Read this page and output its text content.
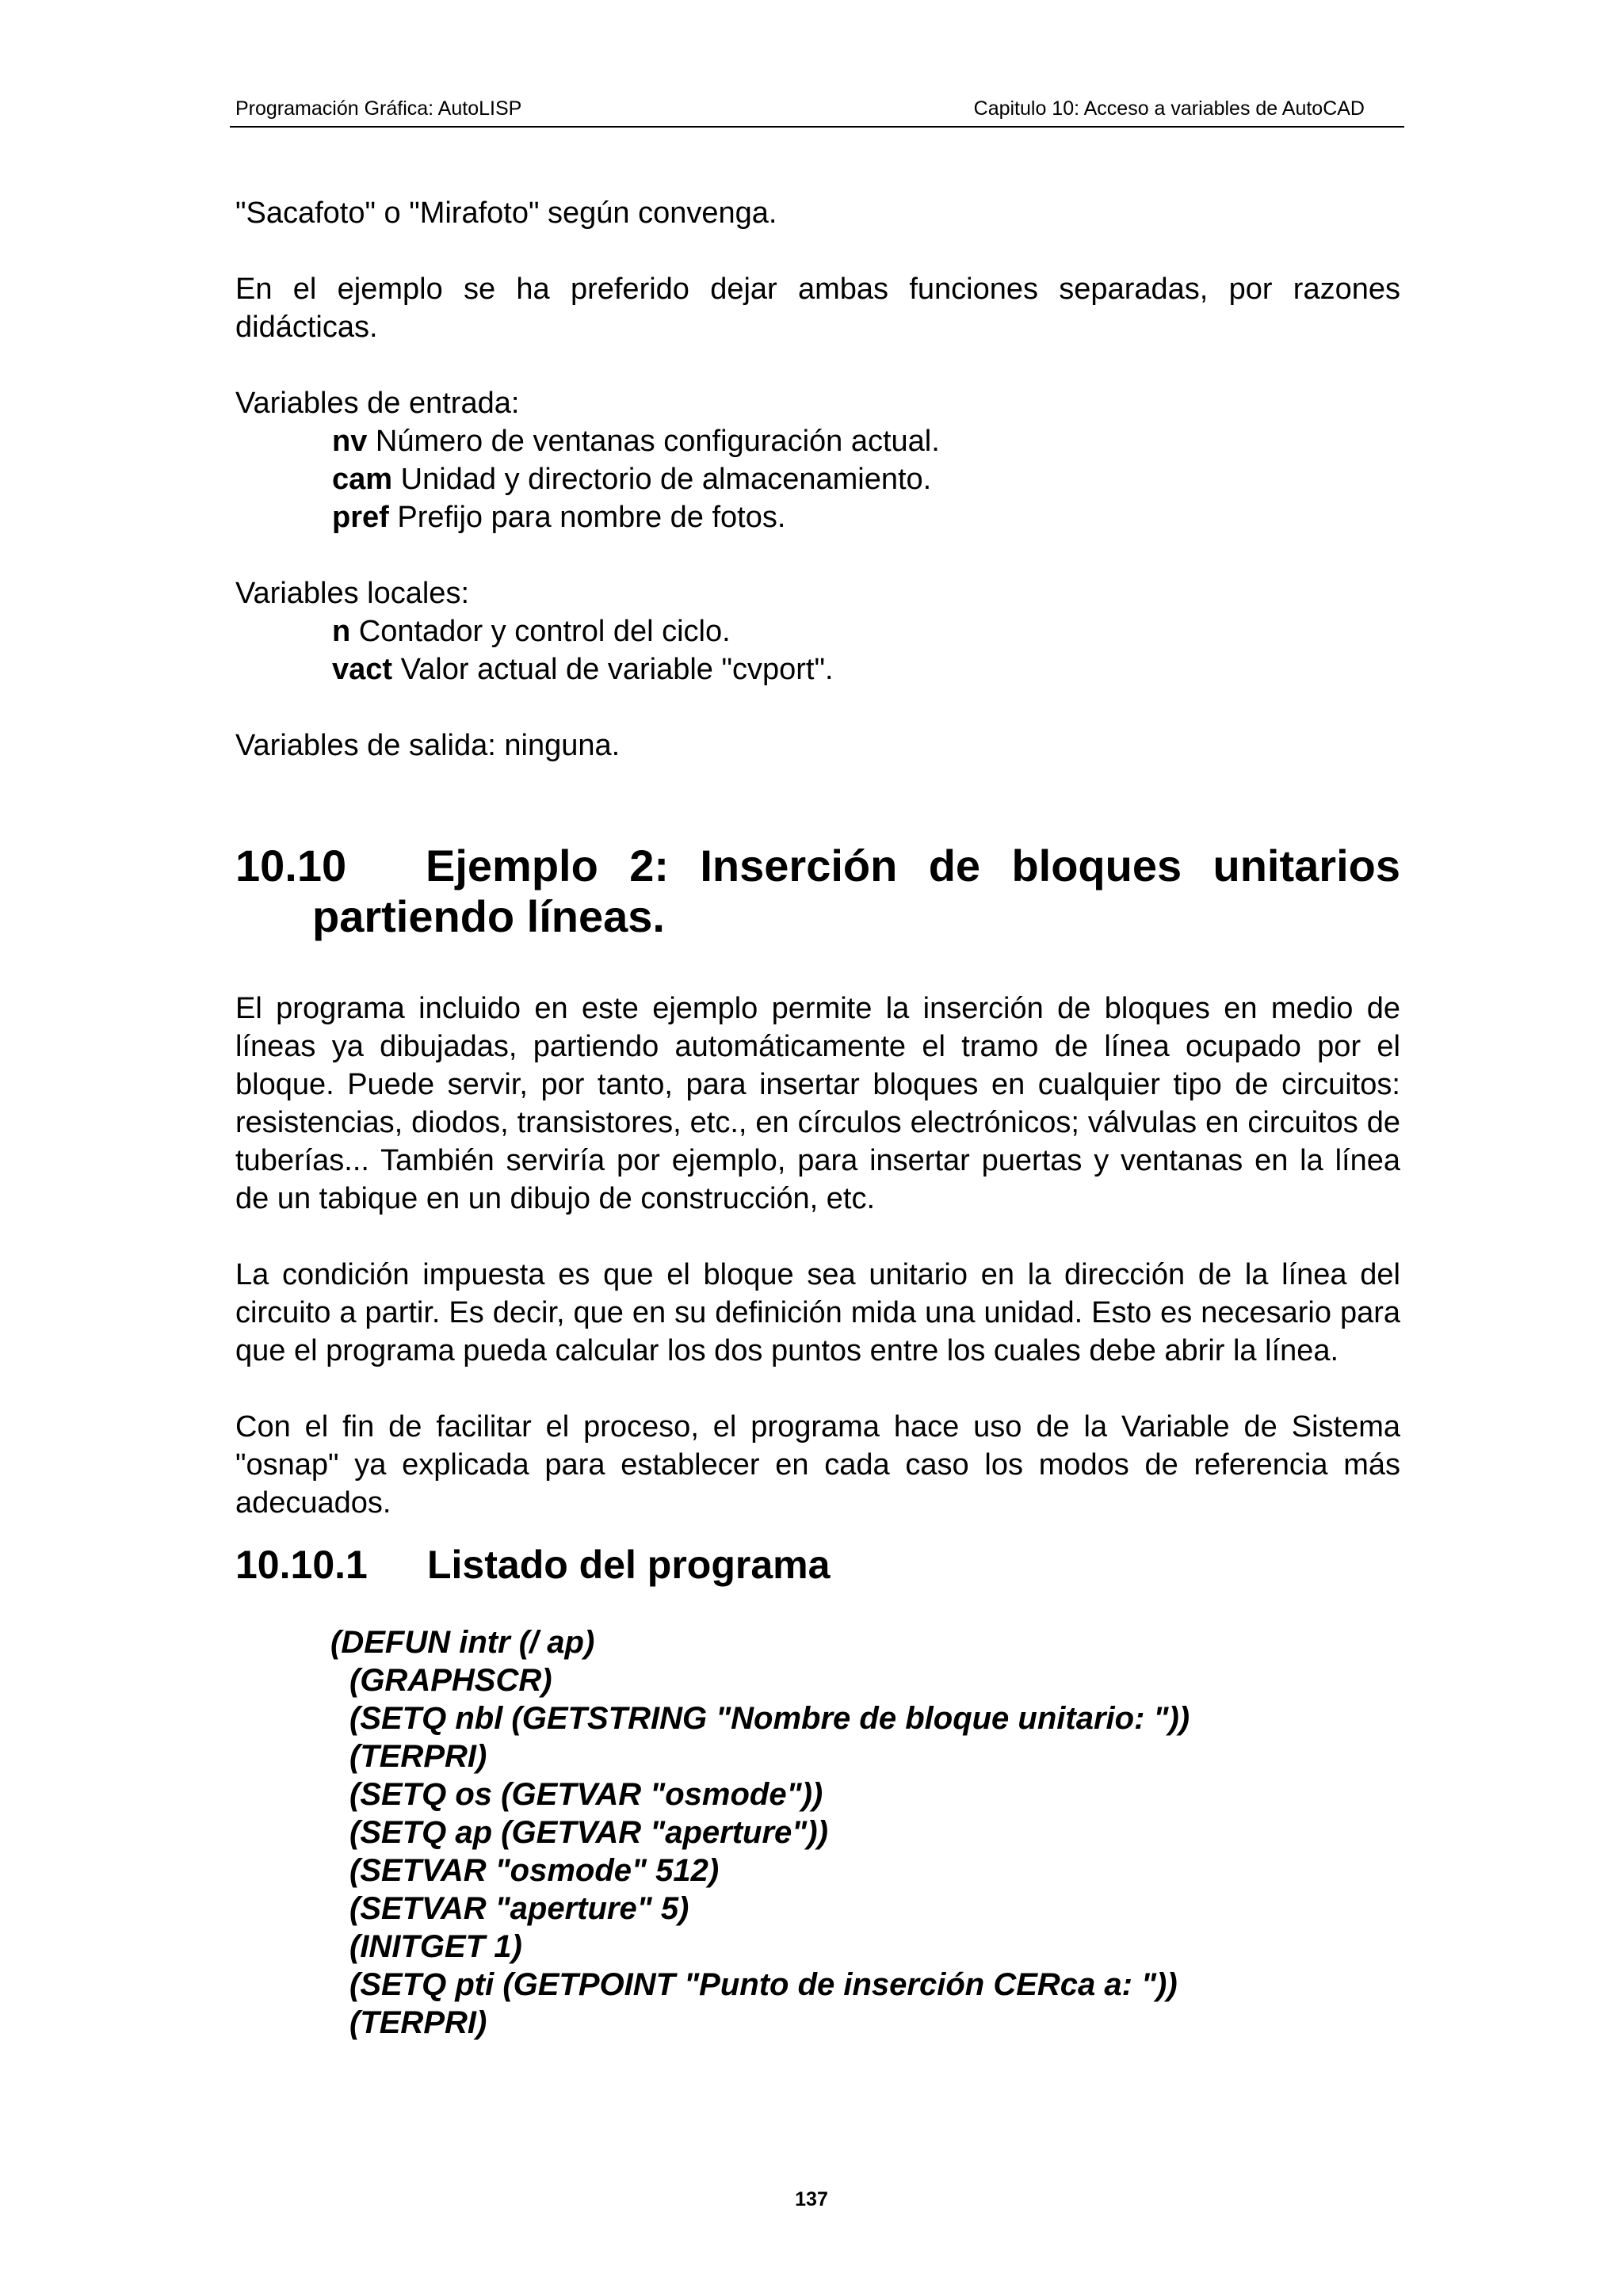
Programación Gráfica: AutoLISP	Capitulo 10: Acceso a variables de AutoCAD

"Sacafoto" o "Mirafoto" según convenga.

En el ejemplo se ha preferido dejar ambas funciones separadas, por razones didácticas.

Variables de entrada:

nv Número de ventanas configuración actual.

cam Unidad y directorio de almacenamiento.

pref Prefijo para nombre de fotos.

Variables locales:

n Contador y control del ciclo.

vact Valor actual de variable "cvport".

Variables de salida: ninguna.

10.10	Ejemplo 2: Inserción de bloques unitarios
partiendo líneas.

El programa incluido en este ejemplo permite la inserción de bloques en medio de líneas ya dibujadas, partiendo automáticamente el tramo de línea ocupado por el bloque. Puede servir, por tanto, para insertar bloques en cualquier tipo de circuitos: resistencias, diodos, transistores, etc., en círculos electrónicos; válvulas en circuitos de tuberías... También serviría por ejemplo, para insertar puertas y ventanas en la línea de un tabique en un dibujo de construcción, etc.

La condición impuesta es que el bloque sea unitario en la dirección de la línea del circuito a partir. Es decir, que en su definición mida una unidad. Esto es necesario para que el programa pueda calcular los dos puntos entre los cuales debe abrir la línea.

Con el fin de facilitar el proceso, el programa hace uso de la Variable de Sistema "osnap" ya explicada para establecer en cada caso los modos de referencia más adecuados.

10.10.1 Listado del programa

(DEFUN intr (/ ap)

(GRAPHSCR)

(SETQ nbl (GETSTRING "Nombre de bloque unitario: "))

(TERPRI)

(SETQ os (GETVAR "osmode"))

(SETQ ap (GETVAR "aperture"))

(SETVAR "osmode" 512)

(SETVAR "aperture" 5)

(INITGET 1)

(SETQ pti (GETPOINT "Punto de inserción CERca a: "))

(TERPRI)

137
